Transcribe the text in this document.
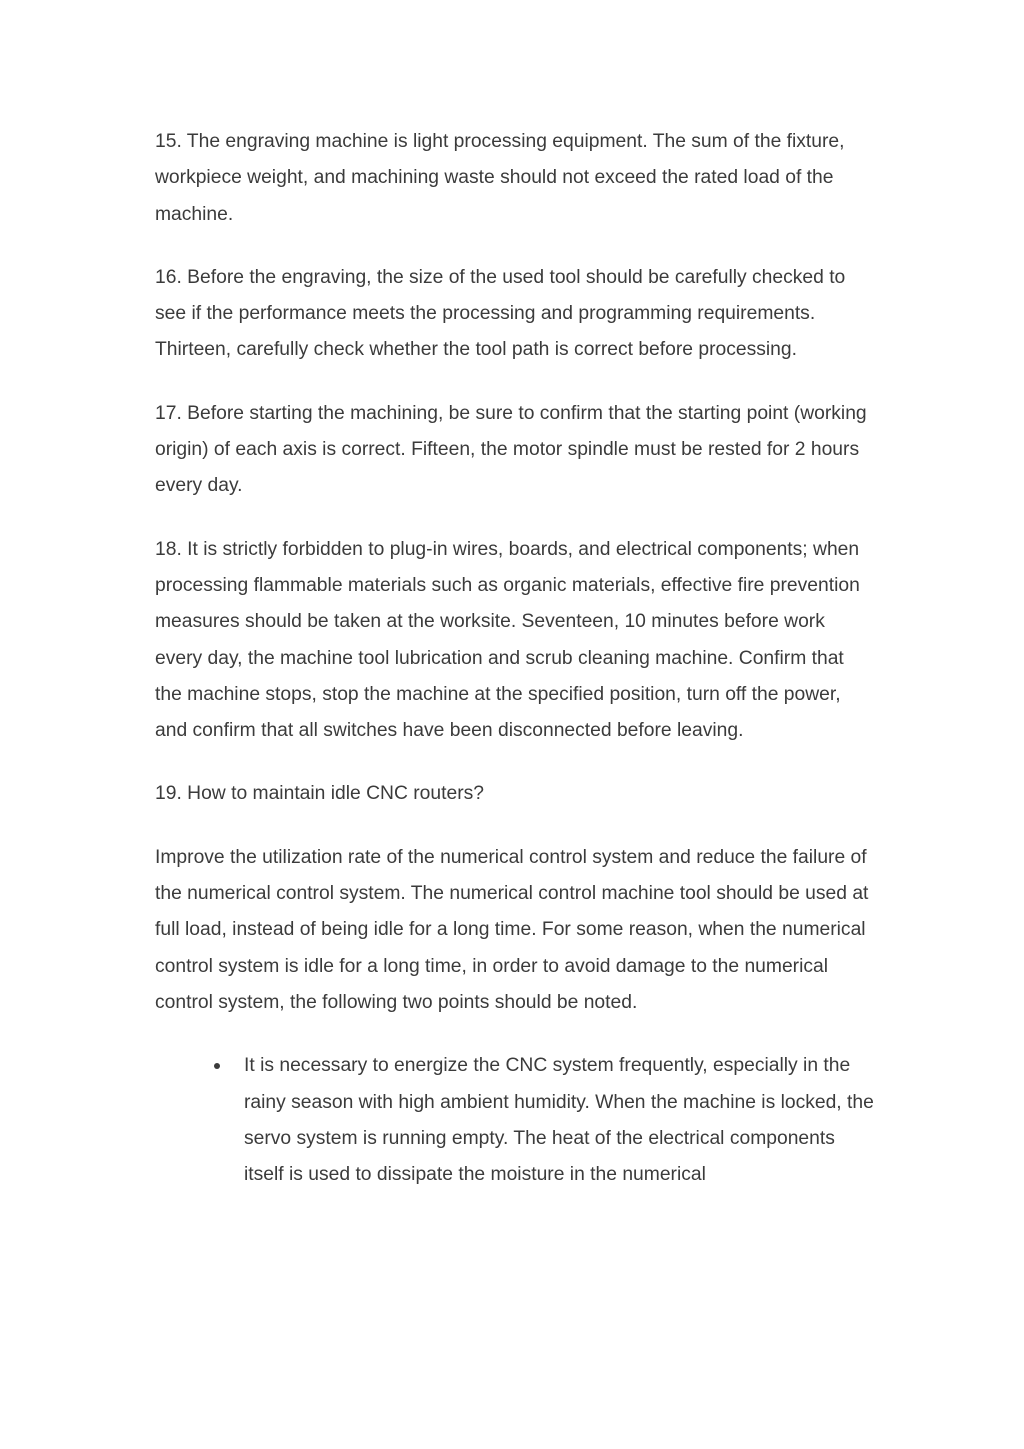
15. The engraving machine is light processing equipment. The sum of the fixture, workpiece weight, and machining waste should not exceed the rated load of the machine.

16. Before the engraving, the size of the used tool should be carefully checked to see if the performance meets the processing and programming requirements. Thirteen, carefully check whether the tool path is correct before processing.

17. Before starting the machining, be sure to confirm that the starting point (working origin) of each axis is correct. Fifteen, the motor spindle must be rested for 2 hours every day.

18. It is strictly forbidden to plug-in wires, boards, and electrical components; when processing flammable materials such as organic materials, effective fire prevention measures should be taken at the worksite. Seventeen, 10 minutes before work every day, the machine tool lubrication and scrub cleaning machine. Confirm that the machine stops, stop the machine at the specified position, turn off the power, and confirm that all switches have been disconnected before leaving.

19. How to maintain idle CNC routers?

Improve the utilization rate of the numerical control system and reduce the failure of the numerical control system. The numerical control machine tool should be used at full load, instead of being idle for a long time. For some reason, when the numerical control system is idle for a long time, in order to avoid damage to the numerical control system, the following two points should be noted.

It is necessary to energize the CNC system frequently, especially in the rainy season with high ambient humidity. When the machine is locked, the servo system is running empty. The heat of the electrical components itself is used to dissipate the moisture in the numerical
